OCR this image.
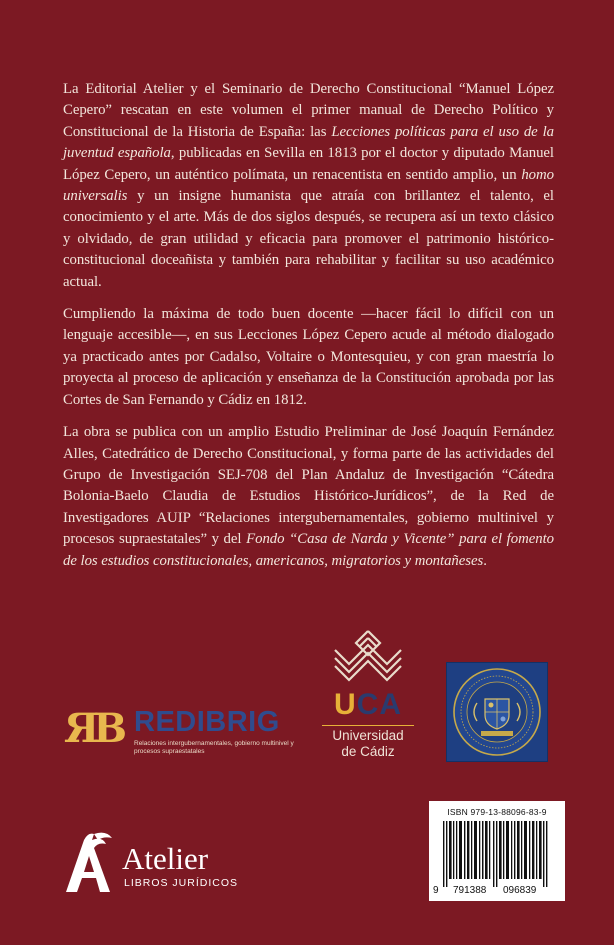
La Editorial Atelier y el Seminario de Derecho Constitucional “Manuel López Cepero” rescatan en este volumen el primer manual de Derecho Político y Constitucional de la Historia de España: las Lecciones políticas para el uso de la juventud española, publicadas en Sevilla en 1813 por el doctor y diputado Manuel López Cepero, un auténtico polímata, un renacentista en sentido amplio, un homo universalis y un insigne humanista que atraía con brillantez el talento, el conocimiento y el arte. Más de dos siglos después, se recupera así un texto clásico y olvidado, de gran utilidad y eficacia para promover el patrimonio histórico-constitucional doceañista y también para rehabilitar y facilitar su uso académico actual.

Cumpliendo la máxima de todo buen docente —hacer fácil lo difícil con un lenguaje accesible—, en sus Lecciones López Cepero acude al método dialogado ya practicado antes por Cadalso, Voltaire o Montesquieu, y con gran maestría lo proyecta al proceso de aplicación y enseñanza de la Constitución aprobada por las Cortes de San Fernando y Cádiz en 1812.

La obra se publica con un amplio Estudio Preliminar de José Joaquín Fernández Alles, Catedrático de Derecho Constitucional, y forma parte de las actividades del Grupo de Investigación SEJ-708 del Plan Andaluz de Investigación “Cátedra Bolonia-Baelo Claudia de Estudios Histórico-Jurídicos”, de la Red de Investigadores AUIP “Relaciones intergubernamentales, gobierno multinivel y procesos supraestatales” y del Fondo “Casa de Narda y Vicente” para el fomento de los estudios constitucionales, americanos, migratorios y montañeses.

ЯB REDIBRIG
Relaciones intergubernamentales, gobierno multinivel y procesos supraestatales
UCA
Universidad
de Cádiz
Atelier
LIBROS JURÍDICOS
ISBN 979-13-88096-83-9
9 791388 096839
